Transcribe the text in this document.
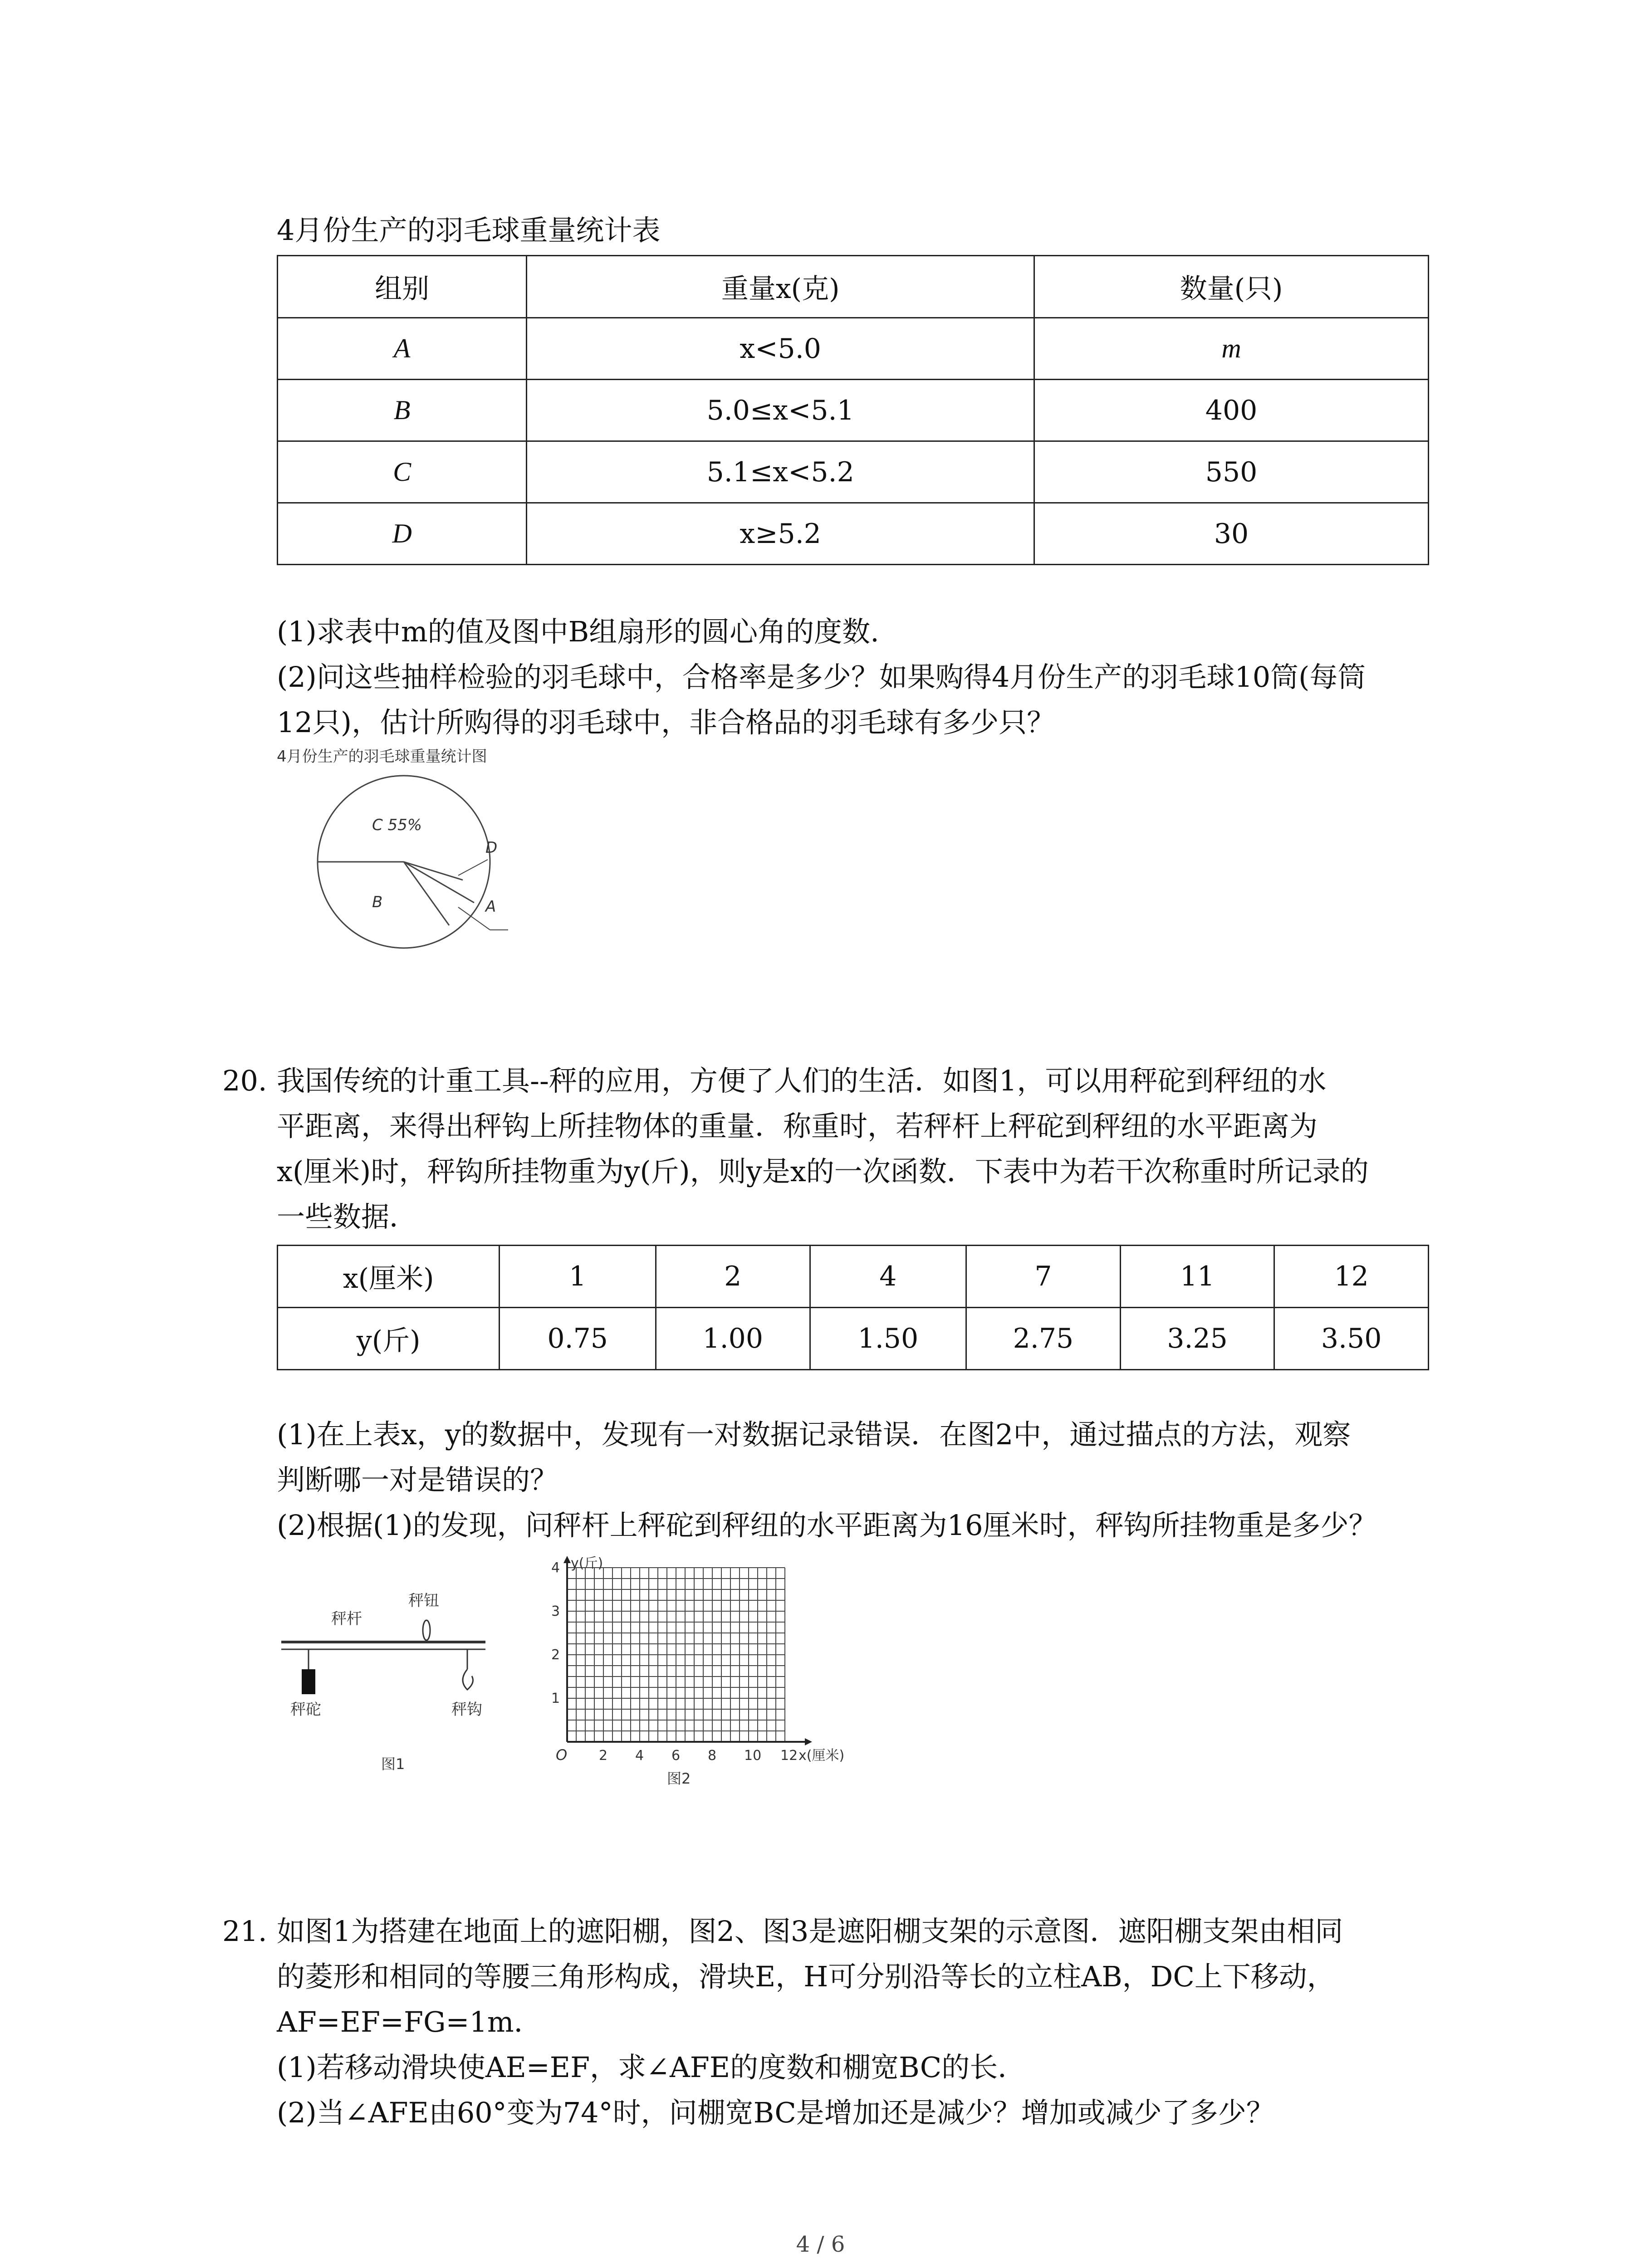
4月份生产的羽毛球重量统计表
组别	重量x(克)	数量(只)
A	x<5.0	m
B	5.0≤x<5.1	400
C	5.1≤x<5.2	550
D	x≥5.2	30
(1)求表中m的值及图中B组扇形的圆心角的度数.
(2)问这些抽样检验的羽毛球中，合格率是多少？如果购得4月份生产的羽毛球10筒(每筒
12只)，估计所购得的羽毛球中，非合格品的羽毛球有多少只？
4月份生产的羽毛球重量统计图
C 55%
B
D
A
20. 我国传统的计重工具--秤的应用，方便了人们的生活．如图1，可以用秤砣到秤纽的水
平距离，来得出秤钩上所挂物体的重量．称重时，若秤杆上秤砣到秤纽的水平距离为
x(厘米)时，秤钩所挂物重为y(斤)，则y是x的一次函数．下表中为若干次称重时所记录的
一些数据．
x(厘米)	1	2	4	7	11	12
y(斤)	0.75	1.00	1.50	2.75	3.25	3.50
(1)在上表x，y的数据中，发现有一对数据记录错误．在图2中，通过描点的方法，观察
判断哪一对是错误的？
(2)根据(1)的发现，问秤杆上秤砣到秤纽的水平距离为16厘米时，秤钩所挂物重是多少？
秤杆
秤钮
秤砣	秤钩
图1
y(斤)
x(厘米)
O 2 4 6 8 10 12
1
2
3
4
图2
21. 如图1为搭建在地面上的遮阳棚，图2、图3是遮阳棚支架的示意图．遮阳棚支架由相同
的菱形和相同的等腰三角形构成，滑块E，H可分别沿等长的立柱AB，DC上下移动，
AF=EF=FG=1m．
(1)若移动滑块使AE=EF，求∠AFE的度数和棚宽BC的长．
(2)当∠AFE由60°变为74°时，问棚宽BC是增加还是减少？增加或减少了多少？
4 / 6
